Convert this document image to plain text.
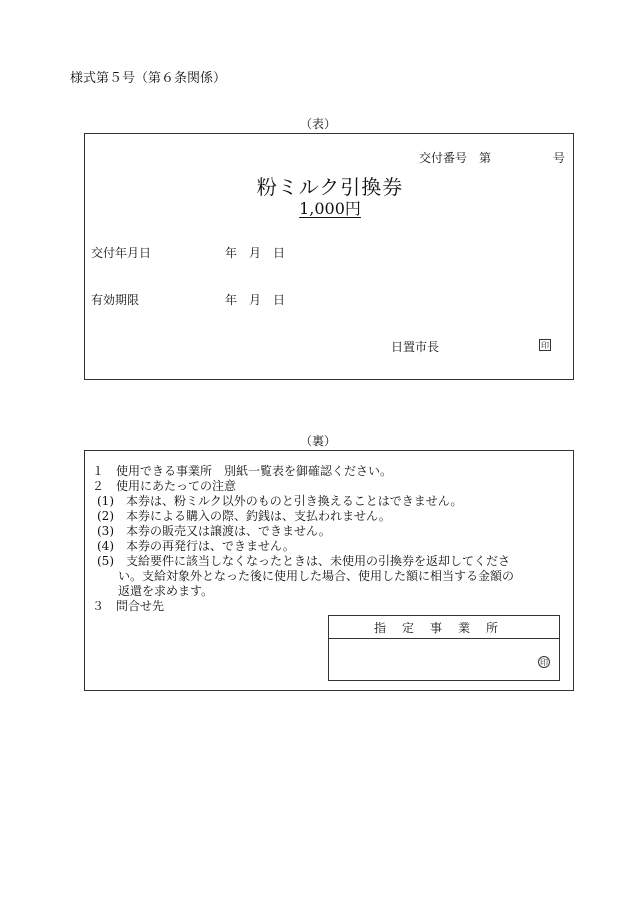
様式第５号（第６条関係）
（表）
交付番号　第	号
粉ミルク引換券
1,000円
交付年月日	年　月　日
有効期限	年　月　日
日置市長	印
（裏）
１　使用できる事業所　別紙一覧表を御確認ください。
２　使用にあたっての注意
(1)　本券は、粉ミルク以外のものと引き換えることはできません。
(2)　本券による購入の際、釣銭は、支払われません。
(3)　本券の販売又は譲渡は、できません。
(4)　本券の再発行は、できません。
(5)　支給要件に該当しなくなったときは、未使用の引換券を返却してくださ
い。支給対象外となった後に使用した場合、使用した額に相当する金額の
返還を求めます。
３　問合せ先
指定事業所
印
